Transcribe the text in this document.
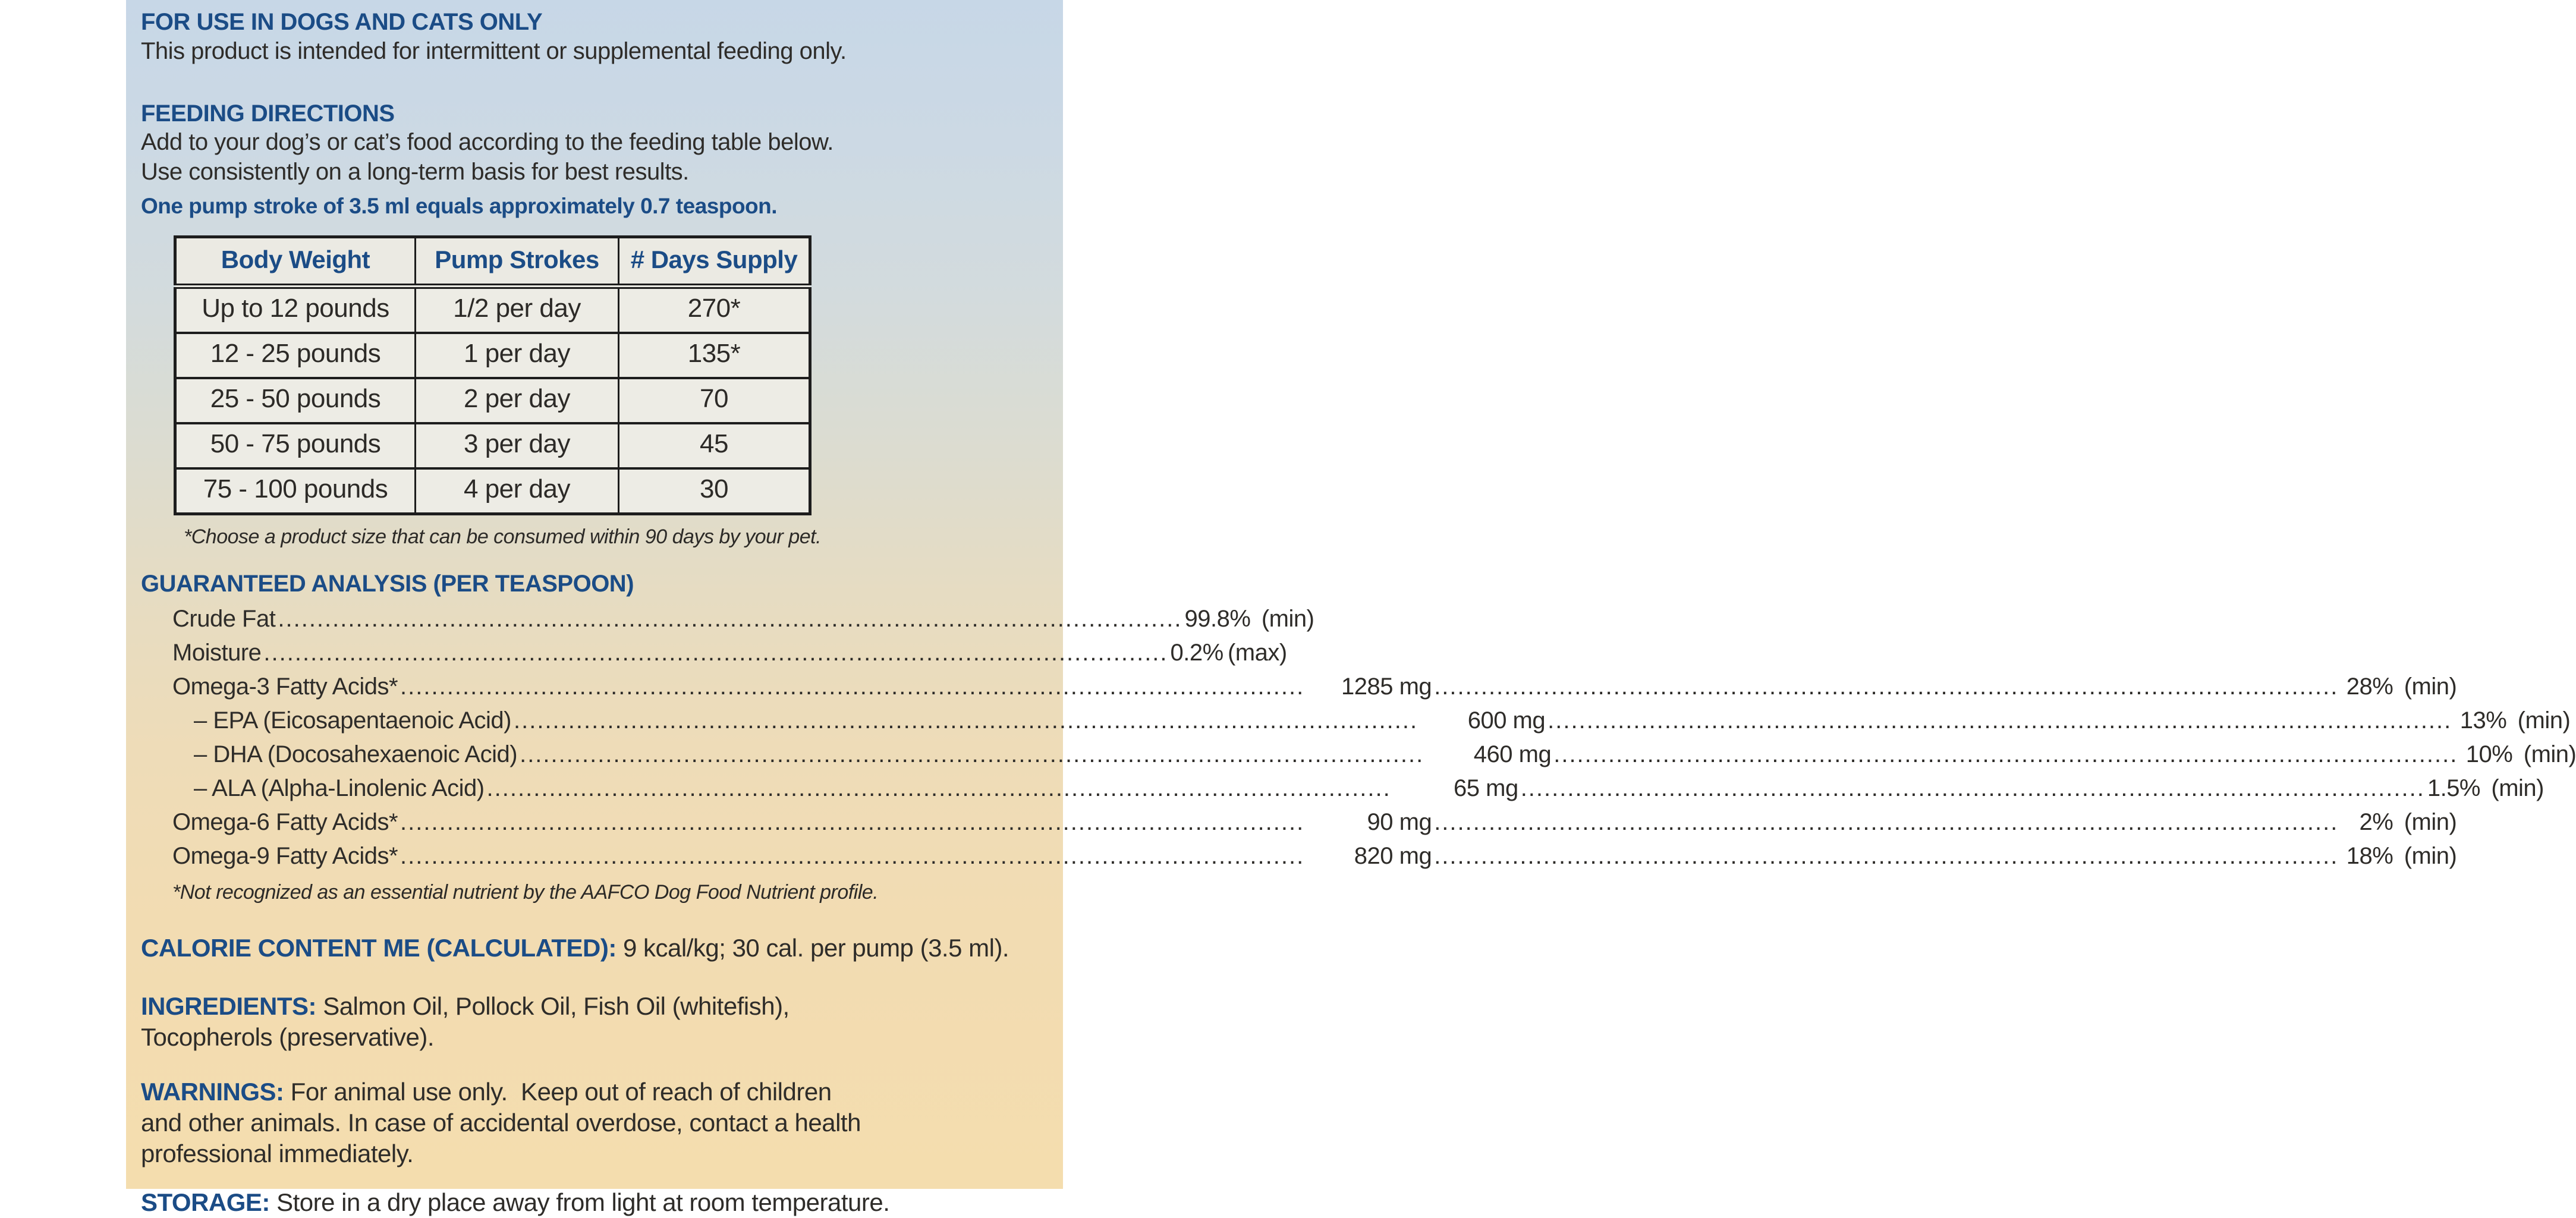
FOR USE IN DOGS AND CATS ONLY
This product is intended for intermittent or supplemental feeding only.
FEEDING DIRECTIONS
Add to your dog’s or cat’s food according to the feeding table below.
Use consistently on a long-term basis for best results.
One pump stroke of 3.5 ml equals approximately 0.7 teaspoon.
Body Weight	Pump Strokes	# Days Supply
Up to 12 pounds	1/2 per day	270*
12 - 25 pounds	1 per day	135*
25 - 50 pounds	2 per day	70
50 - 75 pounds	3 per day	45
75 - 100 pounds	4 per day	30
*Choose a product size that can be consumed within 90 days by your pet.
GUARANTEED ANALYSIS (PER TEASPOON)
Crude Fat .....	99.8% (min)
Moisture .....	0.2% (max)
Omega-3 Fatty Acids* .....	1285 mg .....	28% (min)
– EPA (Eicosapentaenoic Acid) .....	600 mg .....	13% (min)
– DHA (Docosahexaenoic Acid) .....	460 mg .....	10% (min)
– ALA (Alpha-Linolenic Acid) .....	65 mg .....	1.5% (min)
Omega-6 Fatty Acids* .....	90 mg .....	2% (min)
Omega-9 Fatty Acids* .....	820 mg .....	18% (min)
*Not recognized as an essential nutrient by the AAFCO Dog Food Nutrient profile.
CALORIE CONTENT ME (CALCULATED): 9 kcal/kg; 30 cal. per pump (3.5 ml).
INGREDIENTS: Salmon Oil, Pollock Oil, Fish Oil (whitefish),
Tocopherols (preservative).
WARNINGS: For animal use only.  Keep out of reach of children
and other animals. In case of accidental overdose, contact a health
professional immediately.
STORAGE: Store in a dry place away from light at room temperature.
